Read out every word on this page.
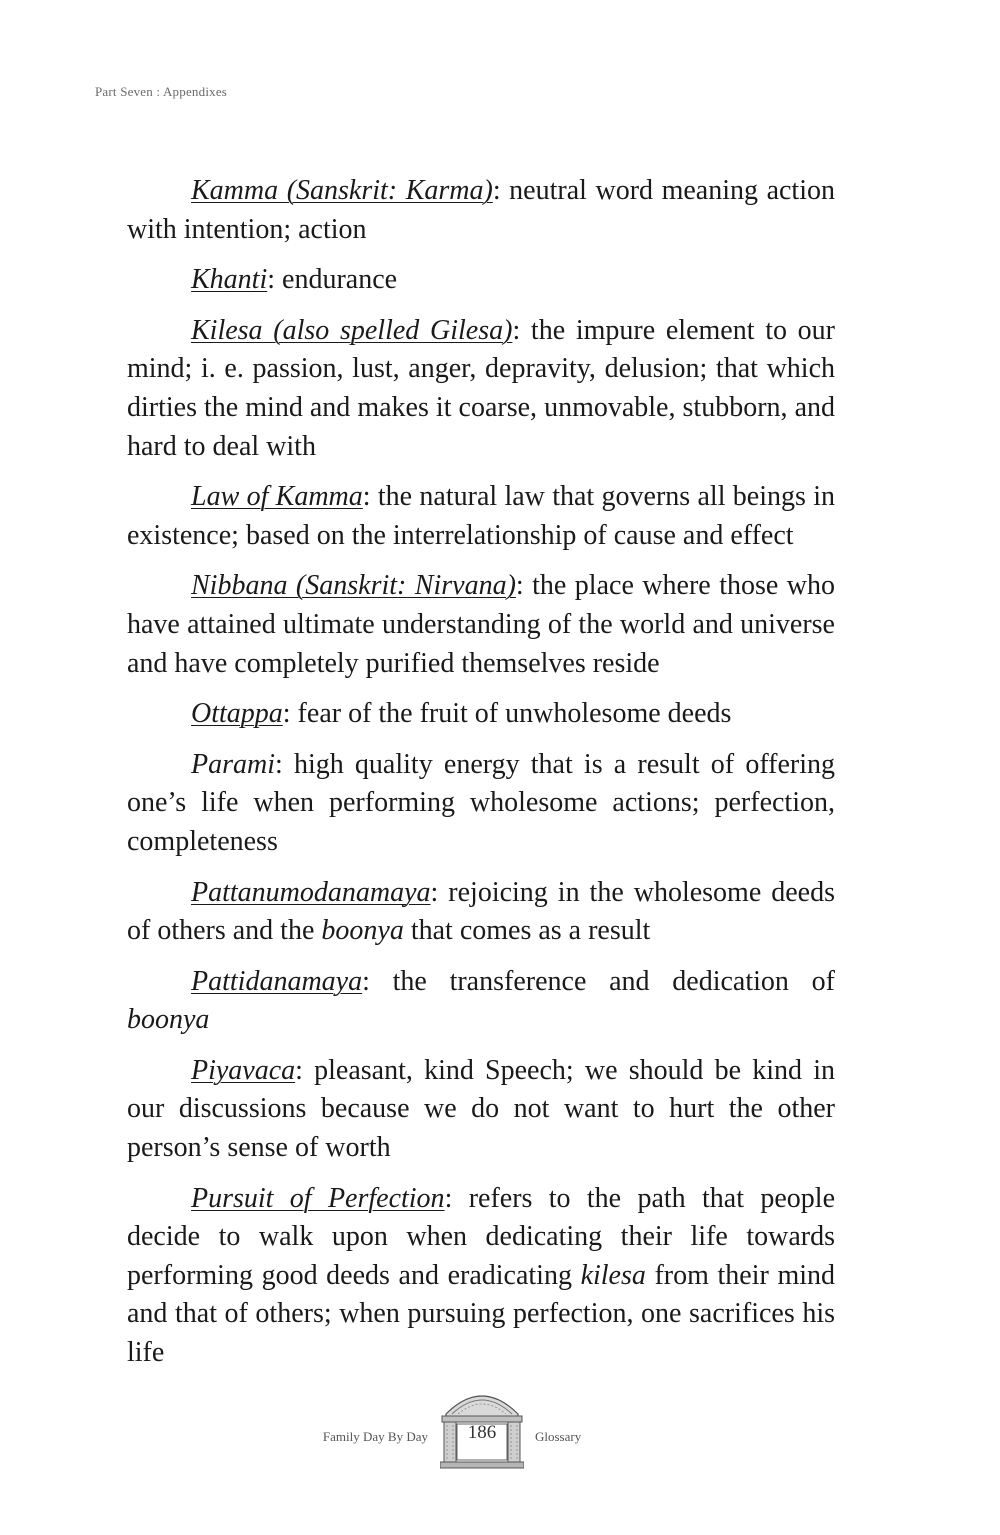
Part Seven : Appendixes

Kamma (Sanskrit: Karma): neutral word meaning action with intention; action

Khanti: endurance

Kilesa (also spelled Gilesa): the impure element to our mind; i. e. passion, lust, anger, depravity, delusion; that which dirties the mind and makes it coarse, unmovable, stubborn, and hard to deal with

Law of Kamma: the natural law that governs all beings in existence; based on the interrelationship of cause and effect

Nibbana (Sanskrit: Nirvana): the place where those who have attained ultimate understanding of the world and universe and have completely purified themselves reside

Ottappa: fear of the fruit of unwholesome deeds

Parami: high quality energy that is a result of offering one’s life when performing wholesome actions; perfection, completeness

Pattanumodanamaya: rejoicing in the wholesome deeds of others and the boonya that comes as a result

Pattidanamaya: the transference and dedication of boonya

Piyavaca: pleasant, kind Speech; we should be kind in our discussions because we do not want to hurt the other person’s sense of worth

Pursuit of Perfection: refers to the path that people decide to walk upon when dedicating their life towards performing good deeds and eradicating kilesa from their mind and that of others; when pursuing perfection, one sacrifices his life

Family Day By Day	186	Glossary
